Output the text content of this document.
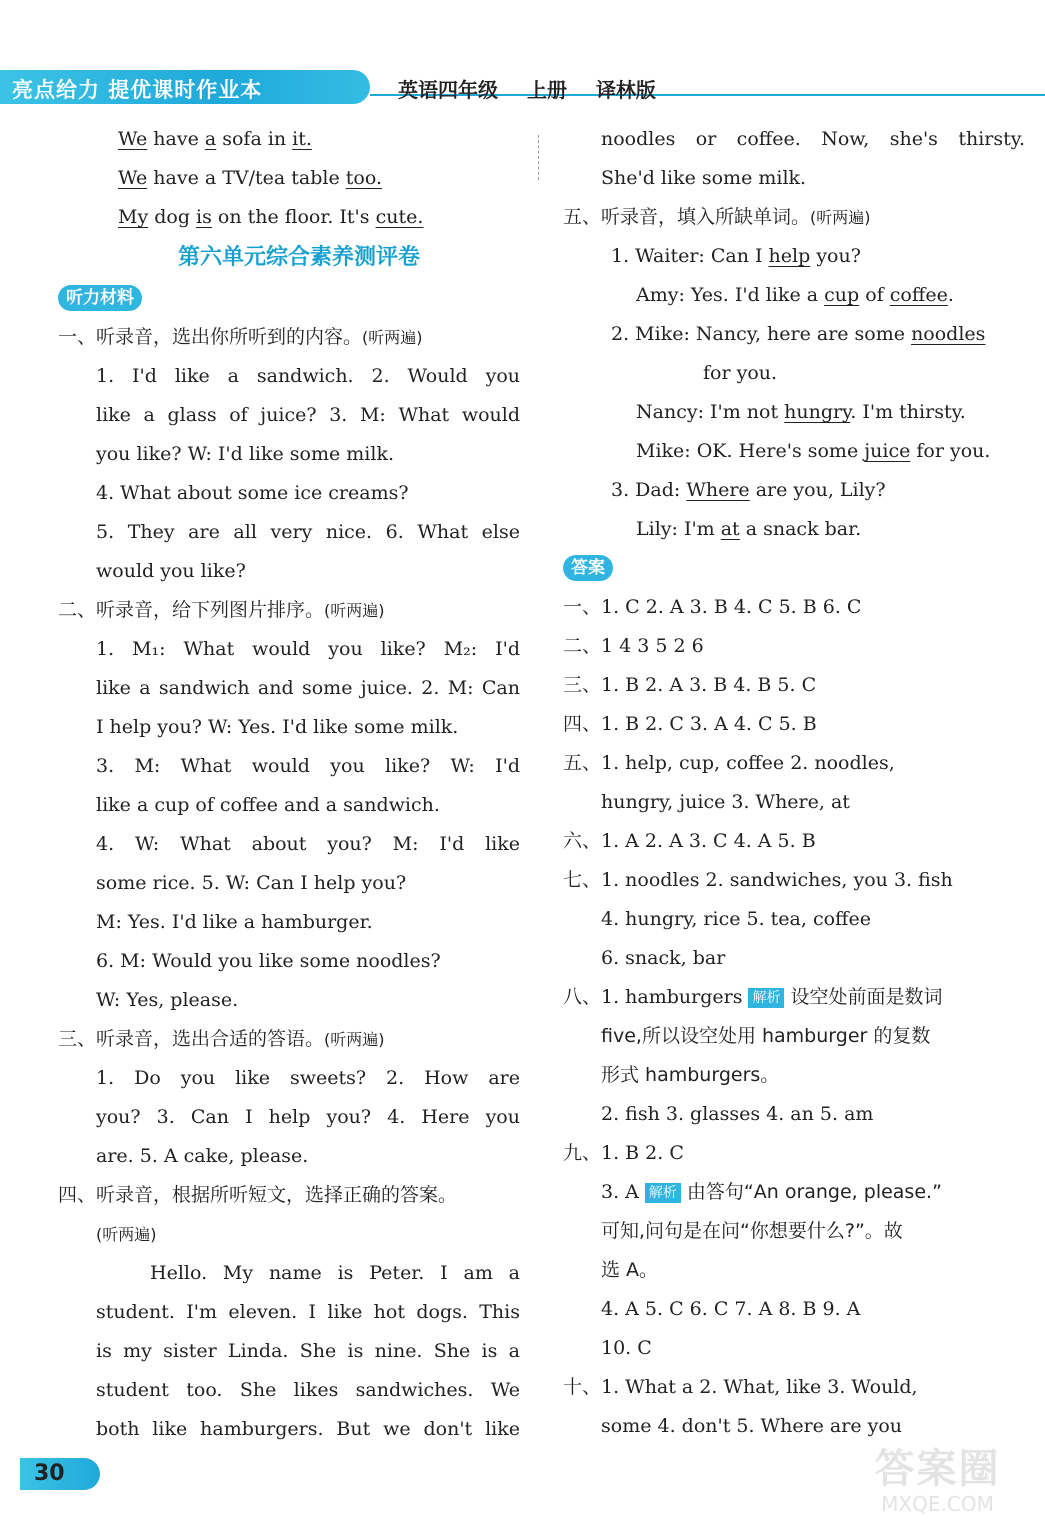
亮点给力 提优课时作业本	英语四年级 上册 译林版
We have a sofa in it.
We have a TV/tea table too.
My dog is on the floor. It's cute.
第六单元综合素养测评卷
听力材料
一、听录音，选出你所听到的内容。(听两遍)
1. I'd like a sandwich. 2. Would you
like a glass of juice? 3. M: What would
you like? W: I'd like some milk.
4. What about some ice creams?
5. They are all very nice. 6. What else
would you like?
二、听录音，给下列图片排序。(听两遍)
1. M₁: What would you like? M₂: I'd
like a sandwich and some juice. 2. M: Can
I help you? W: Yes. I'd like some milk.
3. M: What would you like? W: I'd
like a cup of coffee and a sandwich.
4. W: What about you? M: I'd like
some rice. 5. W: Can I help you?
M: Yes. I'd like a hamburger.
6. M: Would you like some noodles?
W: Yes, please.
三、听录音，选出合适的答语。(听两遍)
1. Do you like sweets? 2. How are
you? 3. Can I help you? 4. Here you
are. 5. A cake, please.
四、听录音，根据所听短文，选择正确的答案。
(听两遍)
Hello. My name is Peter. I am a
student. I'm eleven. I like hot dogs. This
is my sister Linda. She is nine. She is a
student too. She likes sandwiches. We
both like hamburgers. But we don't like
noodles or coffee. Now, she's thirsty.
She'd like some milk.
五、听录音，填入所缺单词。(听两遍)
1. Waiter: Can I help you?
Amy: Yes. I'd like a cup of coffee.
2. Mike: Nancy, here are some noodles
for you.
Nancy: I'm not hungry. I'm thirsty.
Mike: OK. Here's some juice for you.
3. Dad: Where are you, Lily?
Lily: I'm at a snack bar.
答案
一、1. C 2. A 3. B 4. C 5. B 6. C
二、1 4 3 5 2 6
三、1. B 2. A 3. B 4. B 5. C
四、1. B 2. C 3. A 4. C 5. B
五、1. help, cup, coffee 2. noodles,
hungry, juice 3. Where, at
六、1. A 2. A 3. C 4. A 5. B
七、1. noodles 2. sandwiches, you 3. fish
4. hungry, rice 5. tea, coffee
6. snack, bar
八、1. hamburgers 解析 设空处前面是数词
five,所以设空处用 hamburger 的复数
形式 hamburgers。
2. fish 3. glasses 4. an 5. am
九、1. B 2. C
3. A 解析 由答句“An orange, please.”
可知,问句是在问“你想要什么?”。故
选 A。
4. A 5. C 6. C 7. A 8. B 9. A
10. C
十、1. What a 2. What, like 3. Would,
some 4. don't 5. Where are you
30	答案圈
MXQE.COM
